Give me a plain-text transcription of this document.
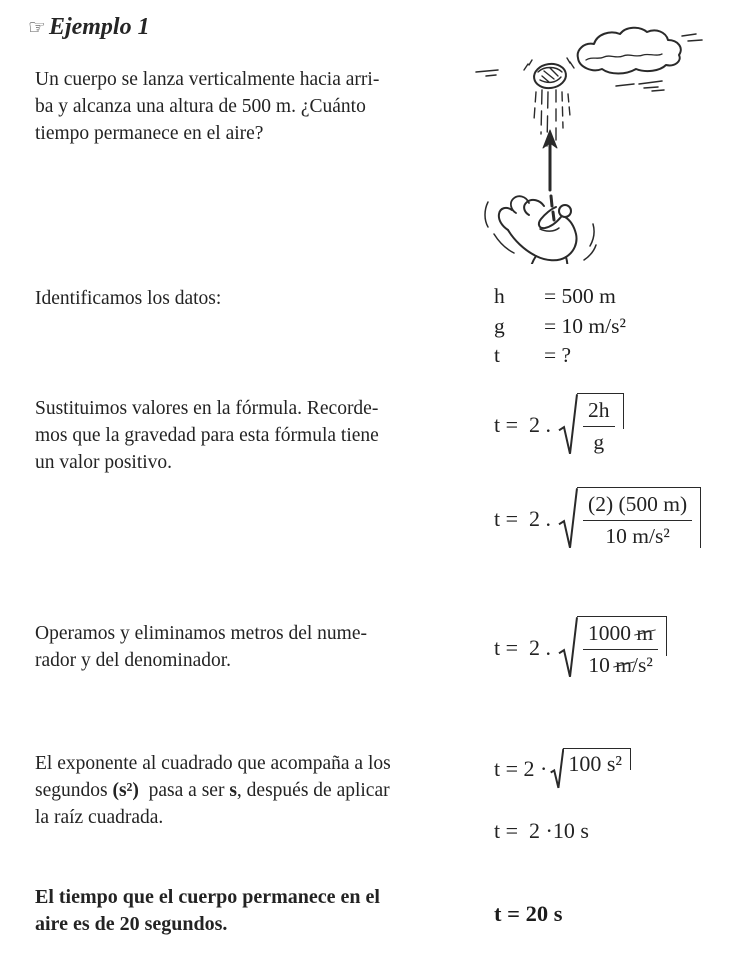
☞ Ejemplo 1
Un cuerpo se lanza verticalmente hacia arri-
ba y alcanza una altura de 500 m. ¿Cuánto
tiempo permanece en el aire?
Identificamos los datos:	h	= 500 m
g	= 10 m/s²
t	= ?
Sustituimos valores en la fórmula. Recorde-
mos que la gravedad para esta fórmula tiene
un valor positivo.
t =  2 .
2h
g
t =  2 .
(2) (500 m)
10 m/s²
Operamos y eliminamos metros del nume-
rador y del denominador.
t =  2 .
1000 m
10 m/s²
El exponente al cuadrado que acompaña a los
segundos (s²)  pasa a ser s, después de aplicar
la raíz cuadrada.
t = 2 · 100 s²
t =  2 ·10 s
El tiempo que el cuerpo permanece en el
aire es de 20 segundos.	t = 20 s
